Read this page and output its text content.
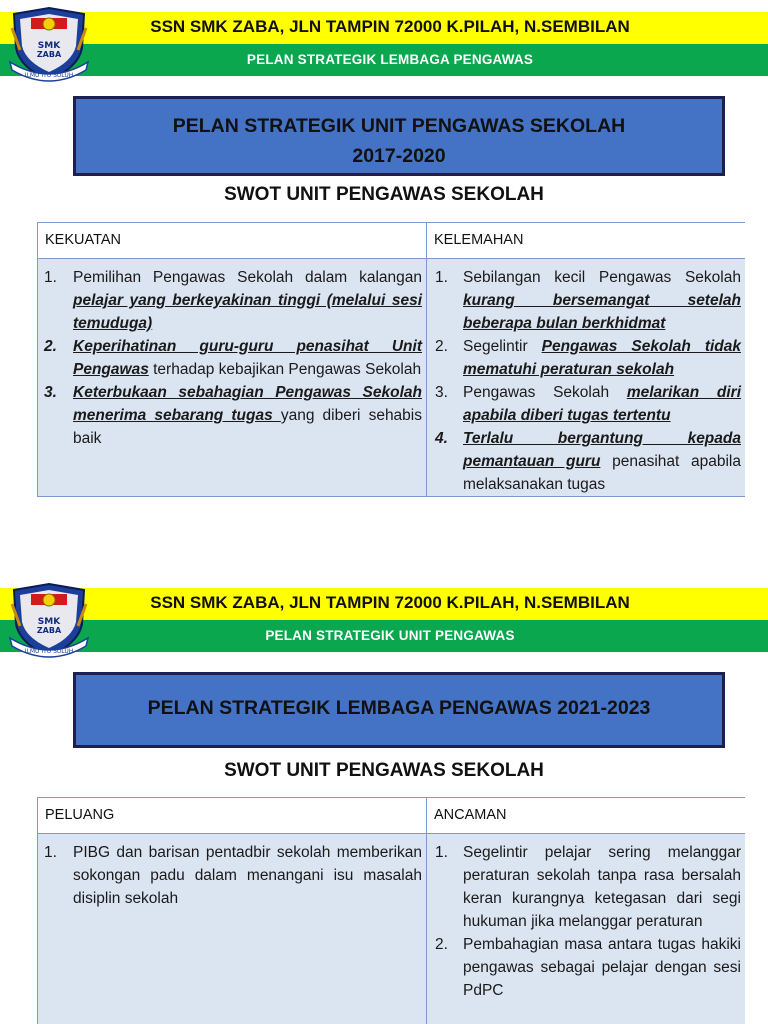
SSN SMK ZABA, JLN TAMPIN 72000 K.PILAH, N.SEMBILAN
PELAN STRATEGIK LEMBAGA PENGAWAS
SMK
ZABA
ILMU ITU SULUH
PELAN STRATEGIK UNIT PENGAWAS SEKOLAH
2017-2020
SWOT UNIT PENGAWAS SEKOLAH
KEKUATAN
1. Pemilihan Pengawas Sekolah dalam kalangan pelajar yang berkeyakinan tinggi (melalui sesi temuduga)
2. Keperihatinan guru-guru penasihat Unit Pengawas terhadap kebajikan Pengawas Sekolah
3. Keterbukaan sebahagian Pengawas Sekolah menerima sebarang tugas yang diberi sehabis baik
KELEMAHAN
1. Sebilangan kecil Pengawas Sekolah kurang bersemangat setelah beberapa bulan berkhidmat
2. Segelintir Pengawas Sekolah tidak mematuhi peraturan sekolah
3. Pengawas Sekolah melarikan diri apabila diberi tugas tertentu
4. Terlalu bergantung kepada pemantauan guru penasihat apabila melaksanakan tugas
SSN SMK ZABA, JLN TAMPIN 72000 K.PILAH, N.SEMBILAN
PELAN STRATEGIK UNIT PENGAWAS
SMK
ZABA
ILMU ITU SULUH
PELAN STRATEGIK LEMBAGA PENGAWAS 2021-2023
SWOT UNIT PENGAWAS SEKOLAH
PELUANG
1. PIBG dan barisan pentadbir sekolah memberikan sokongan padu dalam menangani isu masalah disiplin sekolah
ANCAMAN
1. Segelintir pelajar sering melanggar peraturan sekolah tanpa rasa bersalah keran kurangnya ketegasan dari segi hukuman jika melanggar peraturan
2. Pembahagian masa antara tugas hakiki pengawas sebagai pelajar dengan sesi PdPC
